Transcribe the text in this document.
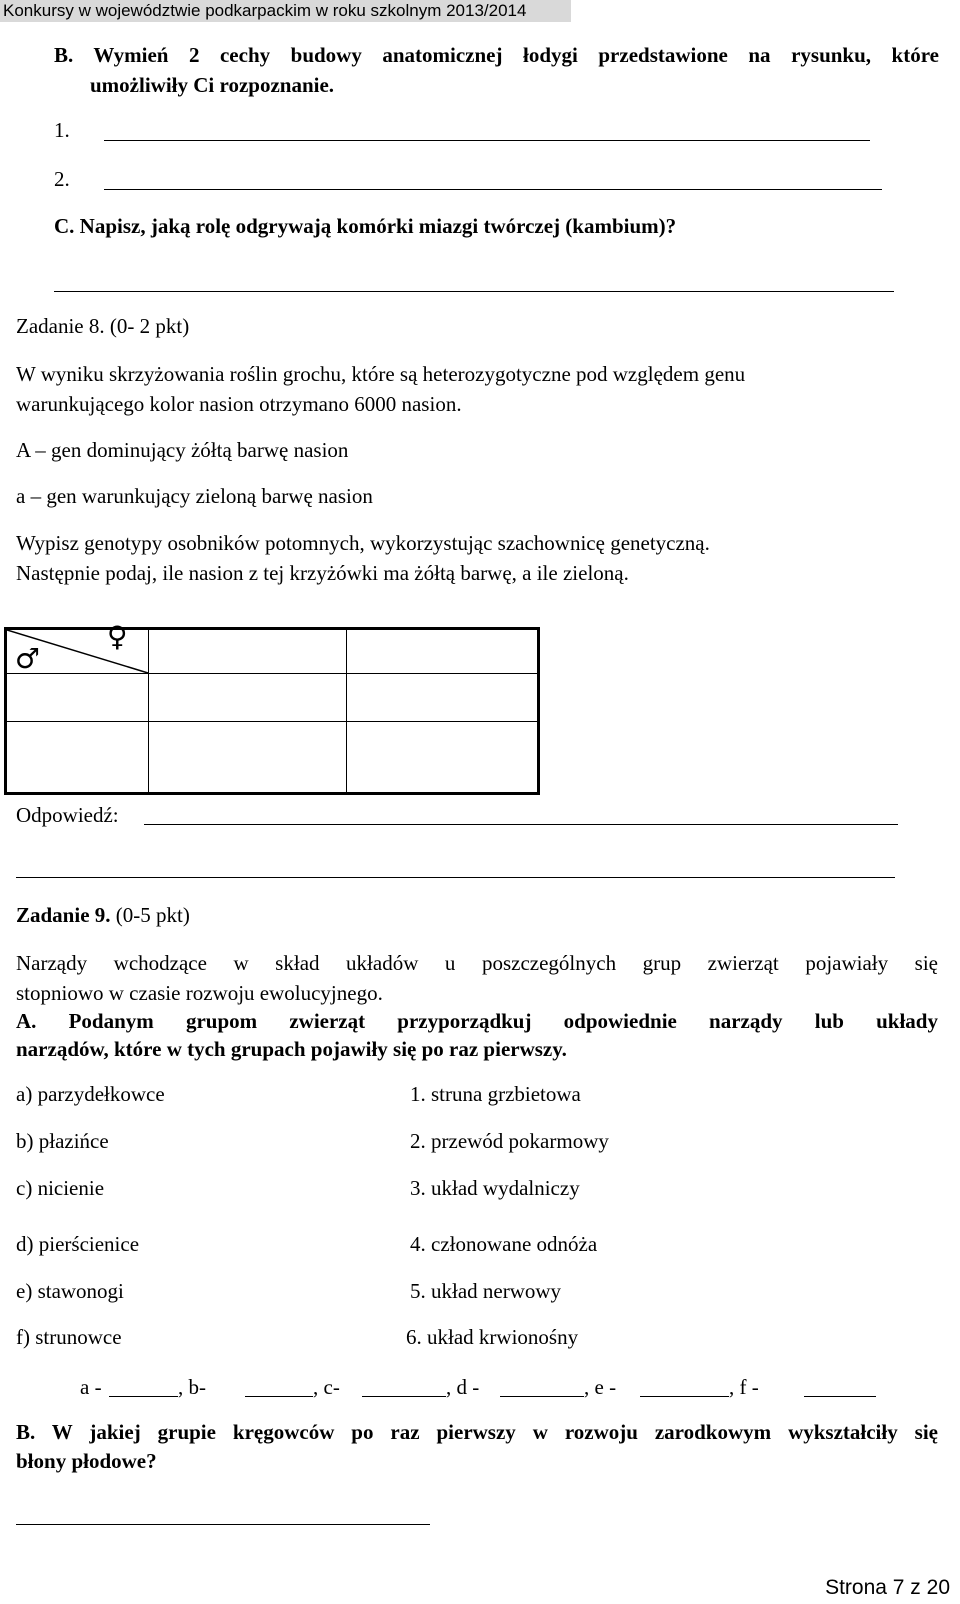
Konkursy w województwie podkarpackim w roku szkolnym 2013/2014
B. Wymień 2 cechy budowy anatomicznej łodygi przedstawione na rysunku, które
umożliwiły Ci rozpoznanie.
1.
2.
C. Napisz, jaką rolę odgrywają komórki miazgi twórczej (kambium)?
Zadanie 8. (0- 2 pkt)
W wyniku skrzyżowania roślin grochu, które są heterozygotyczne pod względem genu
warunkującego kolor nasion otrzymano 6000 nasion.
A – gen dominujący żółtą barwę nasion
a – gen warunkujący zieloną barwę nasion
Wypisz genotypy osobników potomnych, wykorzystując szachownicę genetyczną.
Następnie podaj, ile nasion z tej krzyżówki ma żółtą barwę, a ile zieloną.
♀
♂
Odpowiedź:
Zadanie 9. (0-5 pkt)
Narządy wchodzące w skład układów u poszczególnych grup zwierząt pojawiały się
stopniowo w czasie rozwoju ewolucyjnego.
A. Podanym grupom zwierząt przyporządkuj odpowiednie narządy lub układy
narządów, które w tych grupach pojawiły się po raz pierwszy.
a) parzydełkowce	1. struna grzbietowa
b) płazińce	2. przewód pokarmowy
c) nicienie	3. układ wydalniczy
d) pierścienice	4. członowane odnóża
e) stawonogi	5. układ nerwowy
f) strunowce	6. układ krwionośny
a -	, b-	, c-	, d -	, e -	, f -
B. W jakiej grupie kręgowców po raz pierwszy w rozwoju zarodkowym wykształciły się
błony płodowe?
Strona 7 z 20
